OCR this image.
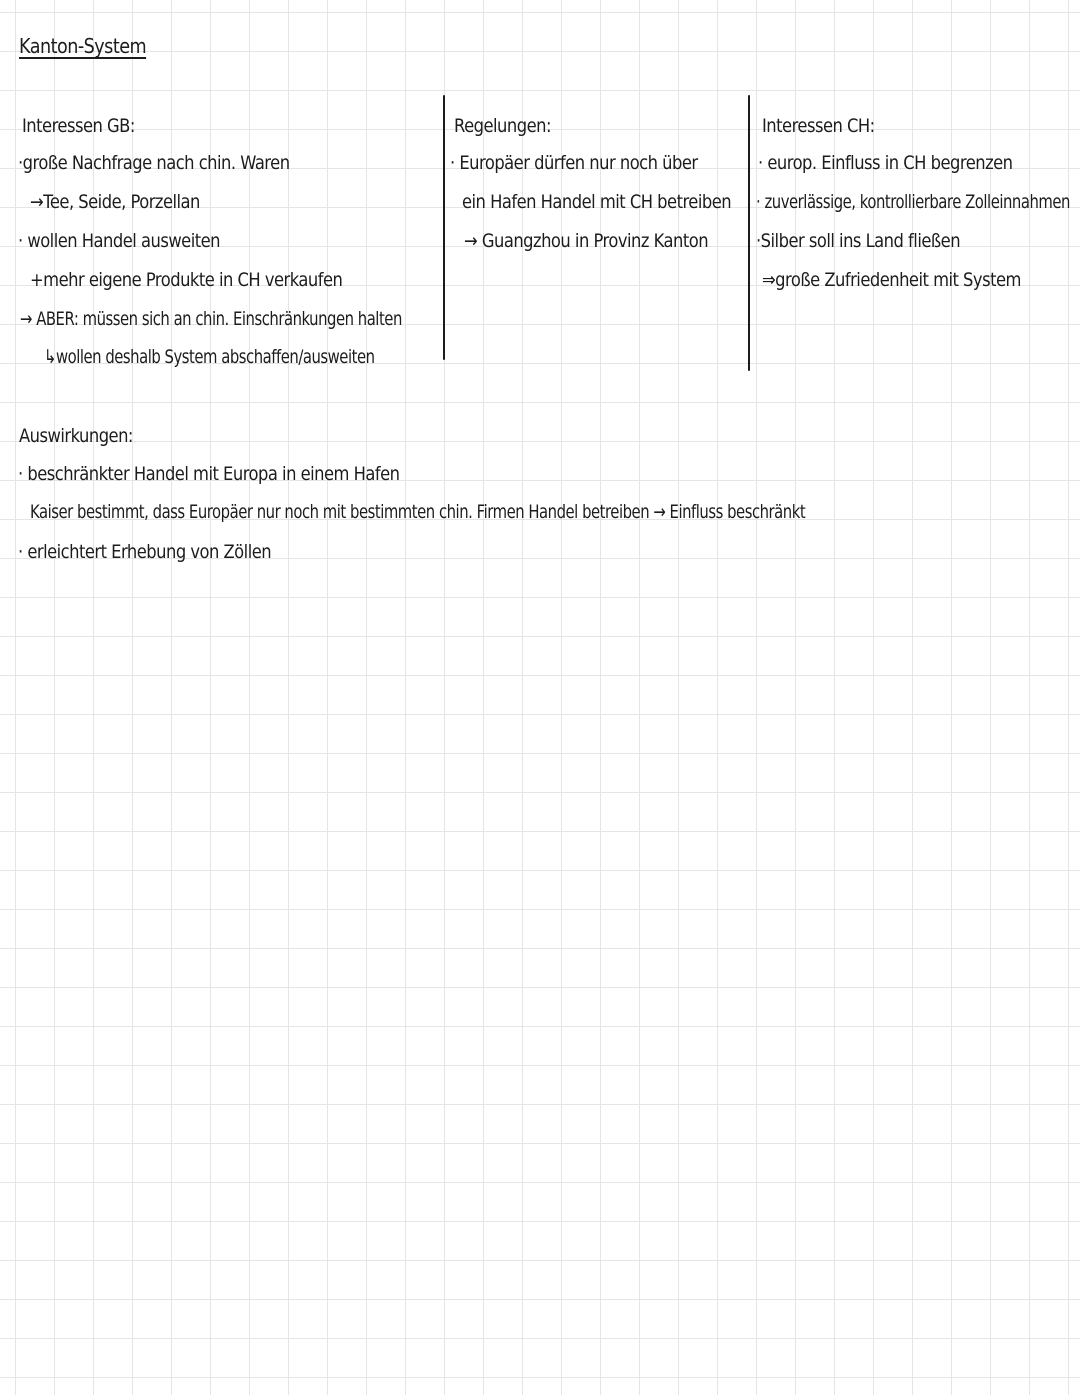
Kanton-System
Interessen GB:
·große Nachfrage nach chin. Waren
→Tee, Seide, Porzellan
· wollen Handel ausweiten
+mehr eigene Produkte in CH verkaufen
→ ABER: müssen sich an chin. Einschränkungen halten
↳wollen deshalb System abschaffen/ausweiten
Regelungen:
· Europäer dürfen nur noch über
ein Hafen Handel mit CH betreiben
→ Guangzhou in Provinz Kanton
Interessen CH:
· europ. Einfluss in CH begrenzen
· zuverlässige, kontrollierbare Zolleinnahmen
·Silber soll ins Land fließen
⇒große Zufriedenheit mit System
Auswirkungen:
· beschränkter Handel mit Europa in einem Hafen
Kaiser bestimmt, dass Europäer nur noch mit bestimmten chin. Firmen Handel betreiben → Einfluss beschränkt
· erleichtert Erhebung von Zöllen
